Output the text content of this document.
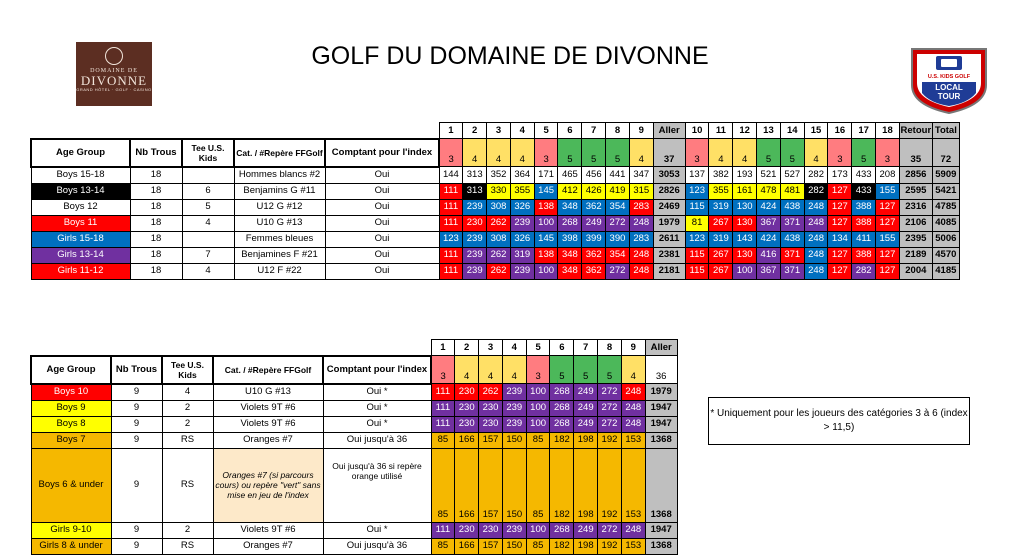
DOMAINE DE
DIVONNE
GRAND HÔTEL · GOLF · CASINO
GOLF DU DOMAINE DE DIVONNE
U.S. KIDS GOLF
LOCAL
TOUR
					1	2	3	4	5	6	7	8	9	Aller	10	11	12	13	14	15	16	17	18	Retour	Total
Age Group	Nb Trous	Tee U.S. Kids	Cat. / #Repère FFGolf	Comptant pour l'index	3	4	4	4	3	5	5	5	4	37	3	4	4	5	5	4	3	5	3	35	72
Boys 15-18	18		Hommes blancs #2	Oui	144	313	352	364	171	465	456	441	347	3053	137	382	193	521	527	282	173	433	208	2856	5909
Boys 13-14	18	6	Benjamins G #11	Oui	111	313	330	355	145	412	426	419	315	2826	123	355	161	478	481	282	127	433	155	2595	5421
Boys 12	18	5	U12 G #12	Oui	111	239	308	326	138	348	362	354	283	2469	115	319	130	424	438	248	127	388	127	2316	4785
Boys 11	18	4	U10 G #13	Oui	111	230	262	239	100	268	249	272	248	1979	81	267	130	367	371	248	127	388	127	2106	4085
Girls 15-18	18		Femmes bleues	Oui	123	239	308	326	145	398	399	390	283	2611	123	319	143	424	438	248	134	411	155	2395	5006
Girls 13-14	18	7	Benjamines F #21	Oui	111	239	262	319	138	348	362	354	248	2381	115	267	130	416	371	248	127	388	127	2189	4570
Girls 11-12	18	4	U12 F #22	Oui	111	239	262	239	100	348	362	272	248	2181	115	267	100	367	371	248	127	282	127	2004	4185
					1	2	3	4	5	6	7	8	9	Aller
Age Group	Nb Trous	Tee U.S. Kids	Cat. / #Repère FFGolf	Comptant pour l'index	3	4	4	4	3	5	5	5	4	36
Boys 10	9	4	U10 G #13	Oui *	111	230	262	239	100	268	249	272	248	1979
Boys 9	9	2	Violets 9T #6	Oui *	111	230	230	239	100	268	249	272	248	1947
Boys 8	9	2	Violets 9T #6	Oui *	111	230	230	239	100	268	249	272	248	1947
Boys 7	9	RS	Oranges #7	Oui jusqu'à 36	85	166	157	150	85	182	198	192	153	1368
Boys 6 & under	9	RS	Oranges #7 (si parcours cours) ou repère "vert" sans mise en jeu de l'index	Oui jusqu'à 36 si repère orange utilisé	85	166	157	150	85	182	198	192	153	1368
Girls 9-10	9	2	Violets 9T #6	Oui *	111	230	230	239	100	268	249	272	248	1947
Girls 8 & under	9	RS	Oranges #7	Oui jusqu'à 36	85	166	157	150	85	182	198	192	153	1368
* Uniquement pour les joueurs des catégories 3 à 6 (index > 11,5)
